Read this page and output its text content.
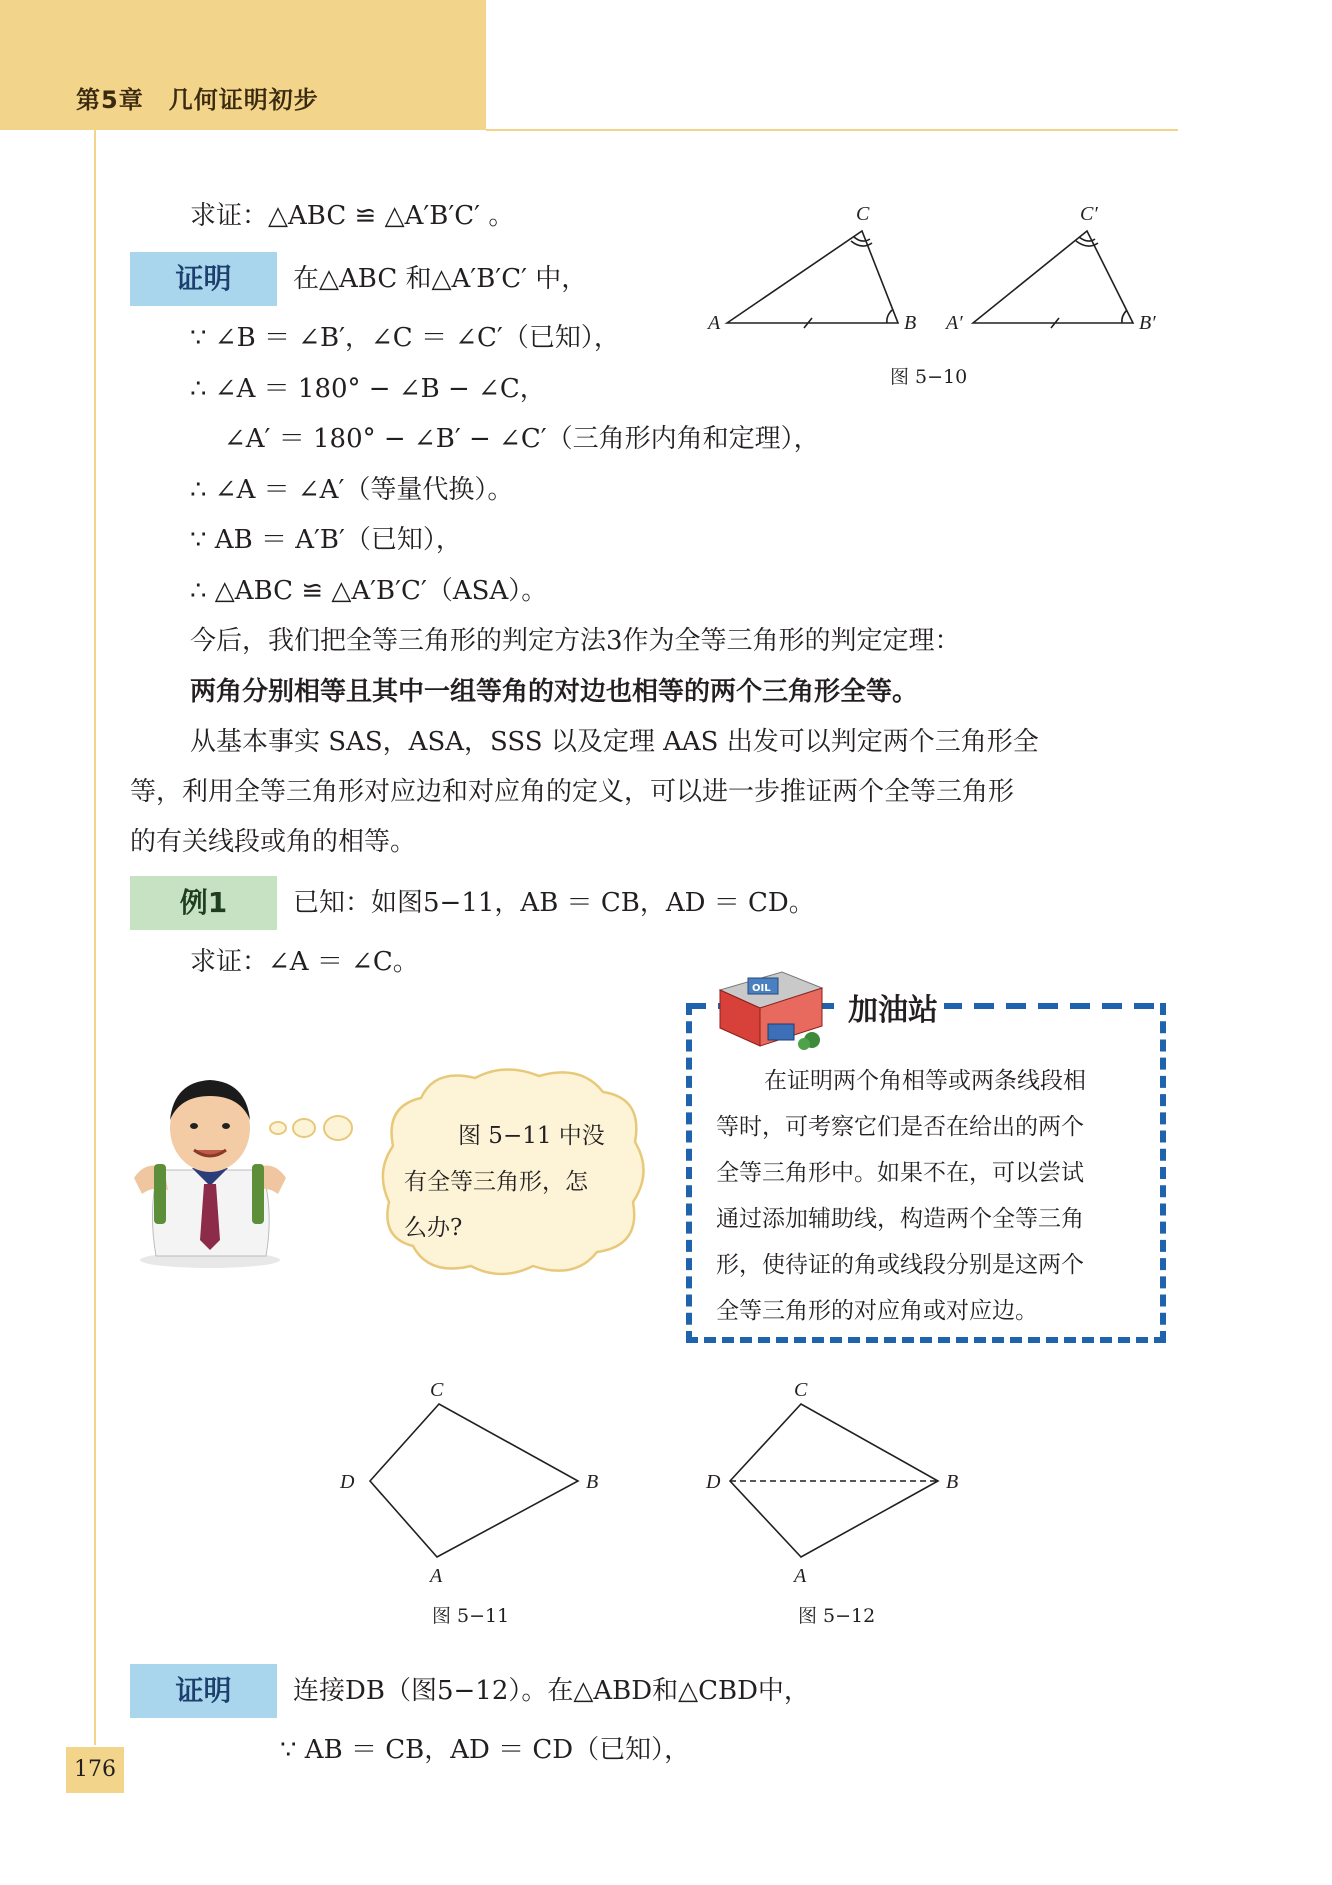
第5章　几何证明初步
求证：△ABC ≌ △A′B′C′ 。
证明	在△ABC 和△A′B′C′ 中，
∵ ∠B ＝ ∠B′，∠C ＝ ∠C′（已知），
∴ ∠A ＝ 180° − ∠B − ∠C，
∠A′ ＝ 180° − ∠B′ − ∠C′（三角形内角和定理），
∴ ∠A ＝ ∠A′（等量代换）。
∵ AB ＝ A′B′（已知），
∴ △ABC ≌ △A′B′C′（ASA）。
今后，我们把全等三角形的判定方法3作为全等三角形的判定定理：
两角分别相等且其中一组等角的对边也相等的两个三角形全等。
从基本事实 SAS，ASA，SSS 以及定理 AAS 出发可以判定两个三角形全
等，利用全等三角形对应边和对应角的定义，可以进一步推证两个全等三角形
的有关线段或角的相等。
例1	已知：如图5−11，AB ＝ CB，AD ＝ CD。
求证：∠A ＝ ∠C。
A	B
C
A′	B′
C′
图 5−10
OIL
加油站
在证明两个角相等或两条线段相
等时，可考察它们是否在给出的两个
全等三角形中。如果不在，可以尝试
通过添加辅助线，构造两个全等三角
形，使待证的角或线段分别是这两个
全等三角形的对应角或对应边。
图 5−11 中没
有全等三角形，怎
么办?
C
D	B
A
图 5−11
C
D	B
A
图 5−12
证明	连接DB（图5−12）。在△ABD和△CBD中，
∵ AB ＝ CB，AD ＝ CD（已知），
176
